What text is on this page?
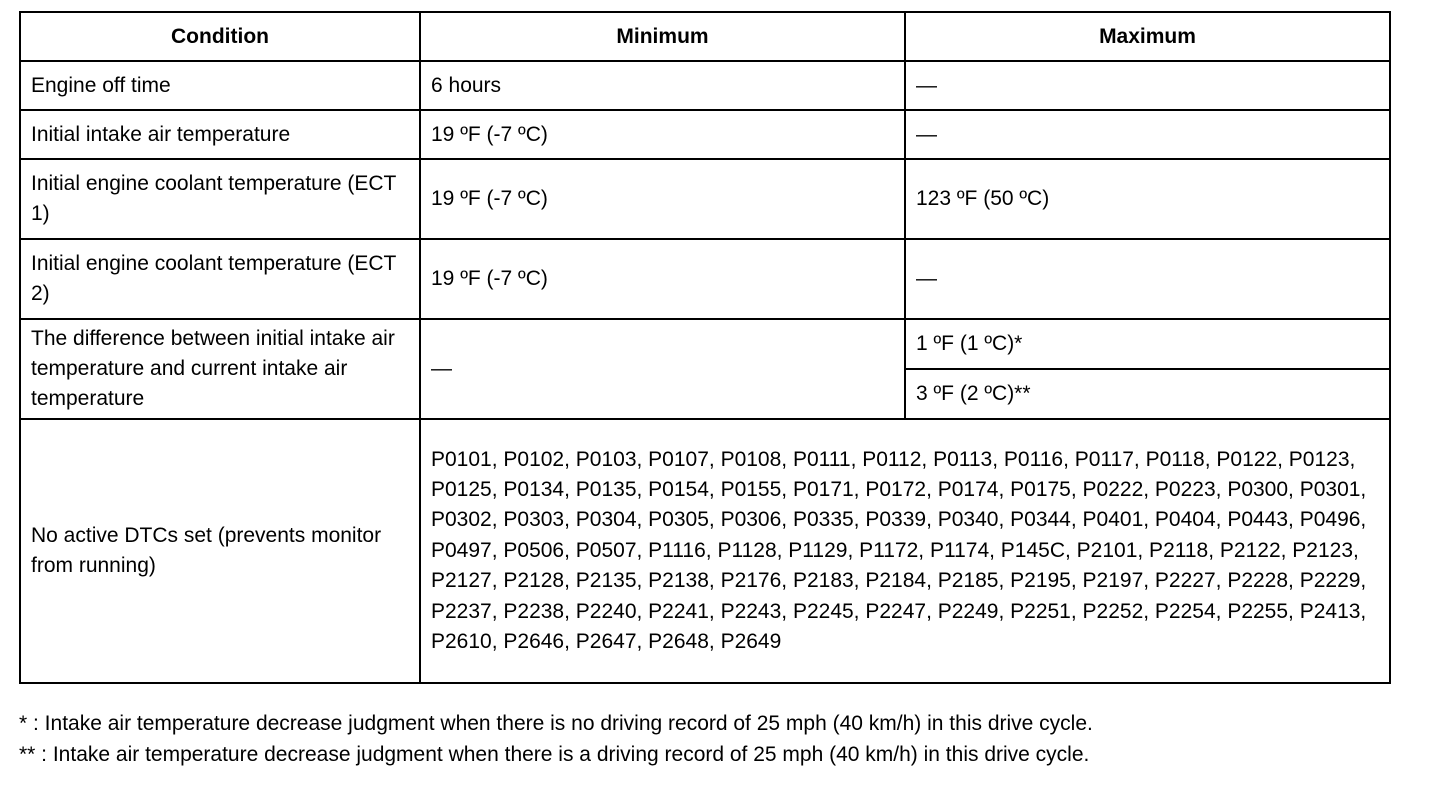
Condition	Minimum	Maximum
Engine off time	6 hours	—
Initial intake air temperature	19 ºF (-7 ºC)	—
Initial engine coolant temperature (ECT 1)	19 ºF (-7 ºC)	123 ºF (50 ºC)
Initial engine coolant temperature (ECT 2)	19 ºF (-7 ºC)	—
The difference between initial intake air temperature and current intake air temperature	—	1 ºF (1 ºC)*
		3 ºF (2 ºC)**
No active DTCs set (prevents monitor from running)	P0101, P0102, P0103, P0107, P0108, P0111, P0112, P0113, P0116, P0117, P0118, P0122, P0123, P0125, P0134, P0135, P0154, P0155, P0171, P0172, P0174, P0175, P0222, P0223, P0300, P0301, P0302, P0303, P0304, P0305, P0306, P0335, P0339, P0340, P0344, P0401, P0404, P0443, P0496, P0497, P0506, P0507, P1116, P1128, P1129, P1172, P1174, P145C, P2101, P2118, P2122, P2123, P2127, P2128, P2135, P2138, P2176, P2183, P2184, P2185, P2195, P2197, P2227, P2228, P2229, P2237, P2238, P2240, P2241, P2243, P2245, P2247, P2249, P2251, P2252, P2254, P2255, P2413, P2610, P2646, P2647, P2648, P2649	
* : Intake air temperature decrease judgment when there is no driving record of 25 mph (40 km/h) in this drive cycle.
** : Intake air temperature decrease judgment when there is a driving record of 25 mph (40 km/h) in this drive cycle.
